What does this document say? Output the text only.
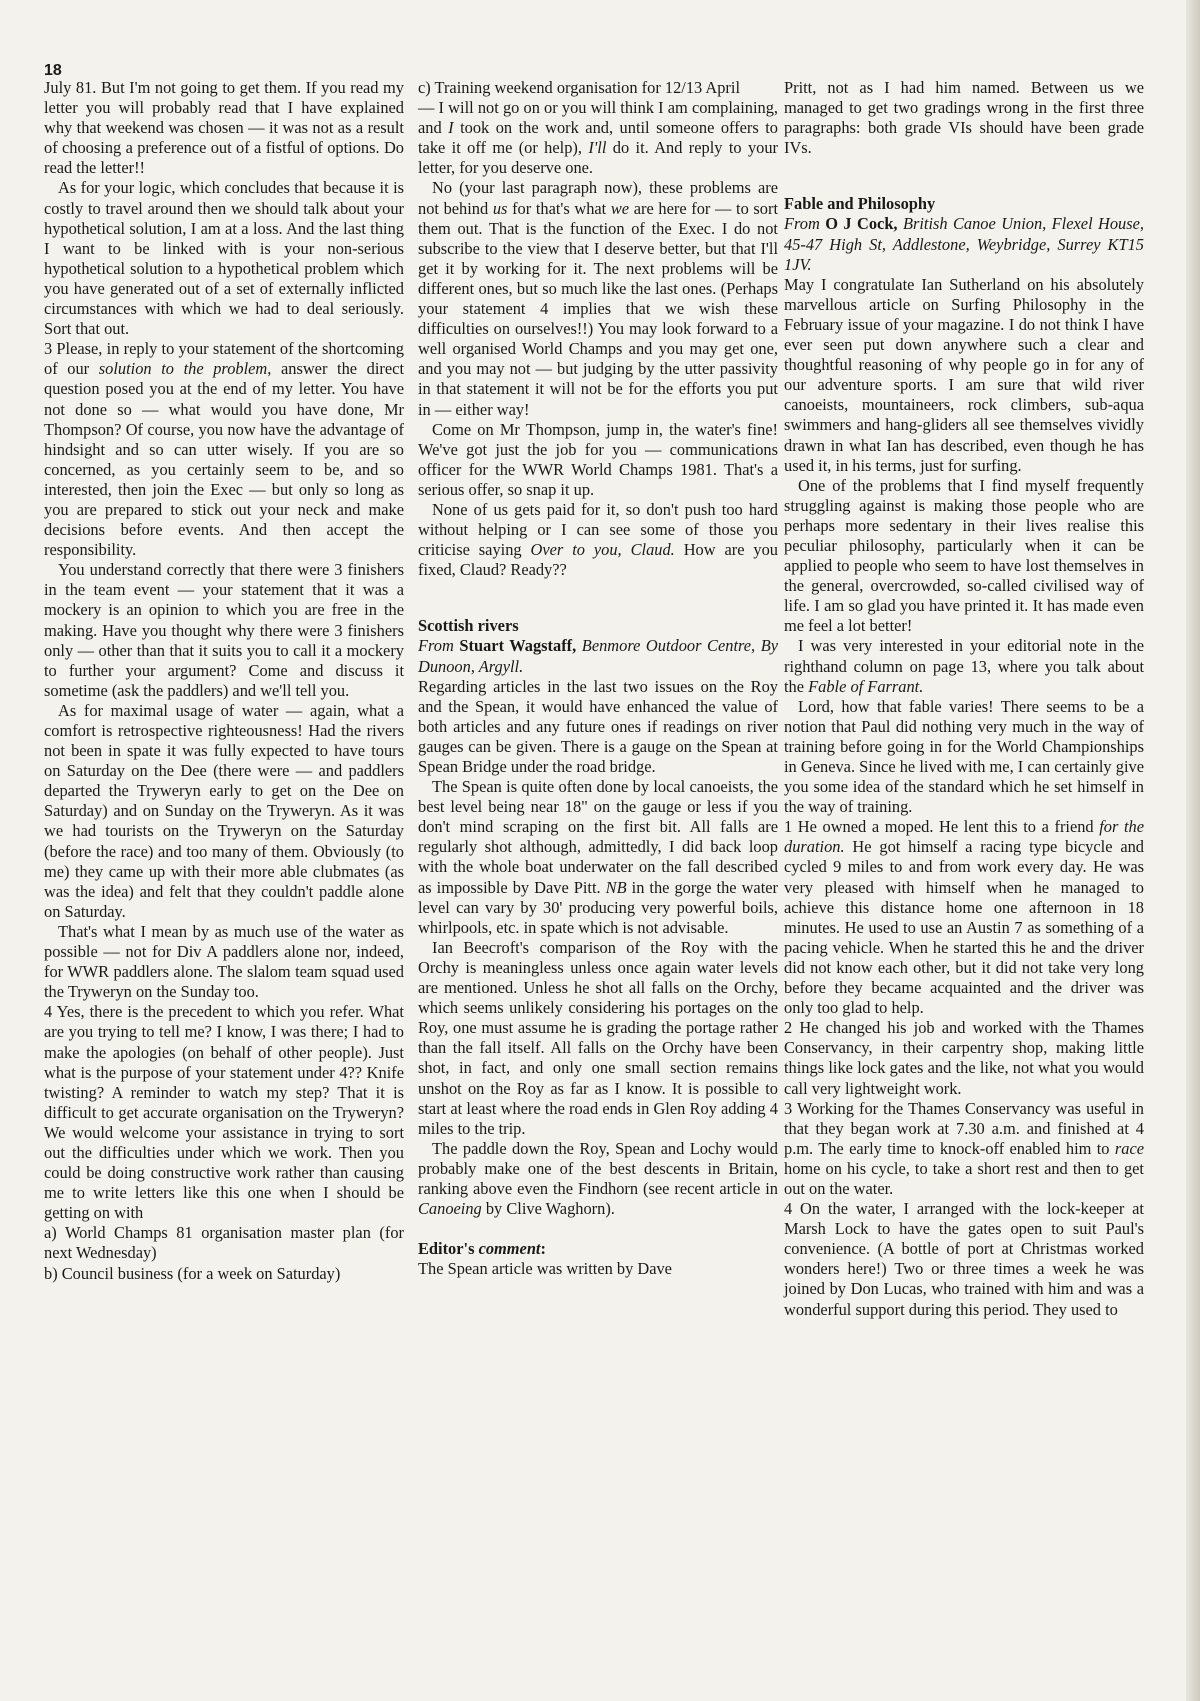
18

July 81. But I'm not going to get them. If you read my letter you will probably read that I have explained why that weekend was chosen — it was not as a result of choosing a preference out of a fistful of options. Do read the letter!!

As for your logic, which concludes that because it is costly to travel around then we should talk about your hypothetical solution, I am at a loss. And the last thing I want to be linked with is your non-serious hypothetical solution to a hypothetical problem which you have generated out of a set of externally inflicted circumstances with which we had to deal seriously. Sort that out.

3 Please, in reply to your statement of the shortcoming of our solution to the problem, answer the direct question posed you at the end of my letter. You have not done so — what would you have done, Mr Thompson? Of course, you now have the advantage of hindsight and so can utter wisely. If you are so concerned, as you certainly seem to be, and so interested, then join the Exec — but only so long as you are prepared to stick out your neck and make decisions before events. And then accept the responsibility.

You understand correctly that there were 3 finishers in the team event — your statement that it was a mockery is an opinion to which you are free in the making. Have you thought why there were 3 finishers only — other than that it suits you to call it a mockery to further your argument? Come and discuss it sometime (ask the paddlers) and we'll tell you.

As for maximal usage of water — again, what a comfort is retrospective righteousness! Had the rivers not been in spate it was fully expected to have tours on Saturday on the Dee (there were — and paddlers departed the Tryweryn early to get on the Dee on Saturday) and on Sunday on the Tryweryn. As it was we had tourists on the Tryweryn on the Saturday (before the race) and too many of them. Obviously (to me) they came up with their more able clubmates (as was the idea) and felt that they couldn't paddle alone on Saturday.

That's what I mean by as much use of the water as possible — not for Div A paddlers alone nor, indeed, for WWR paddlers alone. The slalom team squad used the Tryweryn on the Sunday too.

4 Yes, there is the precedent to which you refer. What are you trying to tell me? I know, I was there; I had to make the apologies (on behalf of other people). Just what is the purpose of your statement under 4?? Knife twisting? A reminder to watch my step? That it is difficult to get accurate organisation on the Tryweryn? We would welcome your assistance in trying to sort out the difficulties under which we work. Then you could be doing constructive work rather than causing me to write letters like this one when I should be getting on with

a) World Champs 81 organisation master plan (for next Wednesday)

b) Council business (for a week on Saturday)

c) Training weekend organisation for 12/13 April

— I will not go on or you will think I am complaining, and I took on the work and, until someone offers to take it off me (or help), I'll do it. And reply to your letter, for you deserve one.

No (your last paragraph now), these problems are not behind us for that's what we are here for — to sort them out. That is the function of the Exec. I do not subscribe to the view that I deserve better, but that I'll get it by working for it. The next problems will be different ones, but so much like the last ones. (Perhaps your statement 4 implies that we wish these difficulties on ourselves!!) You may look forward to a well organised World Champs and you may get one, and you may not — but judging by the utter passivity in that statement it will not be for the efforts you put in — either way!

Come on Mr Thompson, jump in, the water's fine! We've got just the job for you — communications officer for the WWR World Champs 1981. That's a serious offer, so snap it up.

None of us gets paid for it, so don't push too hard without helping or I can see some of those you criticise saying Over to you, Claud. How are you fixed, Claud? Ready??

Scottish rivers

From Stuart Wagstaff, Benmore Outdoor Centre, By Dunoon, Argyll.

Regarding articles in the last two issues on the Roy and the Spean, it would have enhanced the value of both articles and any future ones if readings on river gauges can be given. There is a gauge on the Spean at Spean Bridge under the road bridge.

The Spean is quite often done by local canoeists, the best level being near 18" on the gauge or less if you don't mind scraping on the first bit. All falls are regularly shot although, admittedly, I did back loop with the whole boat underwater on the fall described as impossible by Dave Pitt. NB in the gorge the water level can vary by 30' producing very powerful boils, whirlpools, etc. in spate which is not advisable.

Ian Beecroft's comparison of the Roy with the Orchy is meaningless unless once again water levels are mentioned. Unless he shot all falls on the Orchy, which seems unlikely considering his portages on the Roy, one must assume he is grading the portage rather than the fall itself. All falls on the Orchy have been shot, in fact, and only one small section remains unshot on the Roy as far as I know. It is possible to start at least where the road ends in Glen Roy adding 4 miles to the trip.

The paddle down the Roy, Spean and Lochy would probably make one of the best descents in Britain, ranking above even the Findhorn (see recent article in Canoeing by Clive Waghorn).

Editor's comment:

The Spean article was written by Dave

Pritt, not as I had him named. Between us we managed to get two gradings wrong in the first three paragraphs: both grade VIs should have been grade IVs.

Fable and Philosophy

From O J Cock, British Canoe Union, Flexel House, 45-47 High St, Addlestone, Weybridge, Surrey KT15 1JV.

May I congratulate Ian Sutherland on his absolutely marvellous article on Surfing Philosophy in the February issue of your magazine. I do not think I have ever seen put down anywhere such a clear and thoughtful reasoning of why people go in for any of our adventure sports. I am sure that wild river canoeists, mountaineers, rock climbers, sub-aqua swimmers and hang-gliders all see themselves vividly drawn in what Ian has described, even though he has used it, in his terms, just for surfing.

One of the problems that I find myself frequently struggling against is making those people who are perhaps more sedentary in their lives realise this peculiar philosophy, particularly when it can be applied to people who seem to have lost themselves in the general, overcrowded, so-called civilised way of life. I am so glad you have printed it. It has made even me feel a lot better!

I was very interested in your editorial note in the righthand column on page 13, where you talk about the Fable of Farrant.

Lord, how that fable varies! There seems to be a notion that Paul did nothing very much in the way of training before going in for the World Championships in Geneva. Since he lived with me, I can certainly give you some idea of the standard which he set himself in the way of training.

1 He owned a moped. He lent this to a friend for the duration. He got himself a racing type bicycle and cycled 9 miles to and from work every day. He was very pleased with himself when he managed to achieve this distance home one afternoon in 18 minutes. He used to use an Austin 7 as something of a pacing vehicle. When he started this he and the driver did not know each other, but it did not take very long before they became acquainted and the driver was only too glad to help.

2 He changed his job and worked with the Thames Conservancy, in their carpentry shop, making little things like lock gates and the like, not what you would call very lightweight work.

3 Working for the Thames Conservancy was useful in that they began work at 7.30 a.m. and finished at 4 p.m. The early time to knock-off enabled him to race home on his cycle, to take a short rest and then to get out on the water.

4 On the water, I arranged with the lock-keeper at Marsh Lock to have the gates open to suit Paul's convenience. (A bottle of port at Christmas worked wonders here!) Two or three times a week he was joined by Don Lucas, who trained with him and was a wonderful support during this period. They used to
